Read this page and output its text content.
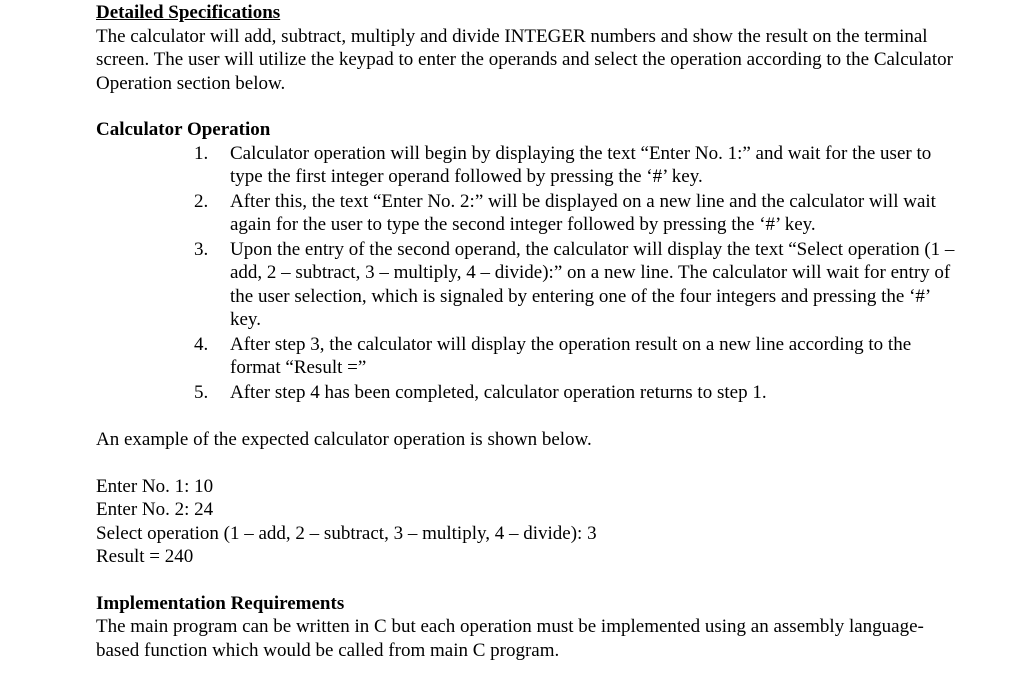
Detailed Specifications

The calculator will add, subtract, multiply and divide INTEGER numbers and show the result on the terminal screen. The user will utilize the keypad to enter the operands and select the operation according to the Calculator Operation section below.

Calculator Operation

1. Calculator operation will begin by displaying the text “Enter No. 1:” and wait for the user to type the first integer operand followed by pressing the ‘#’ key.
2. After this, the text “Enter No. 2:” will be displayed on a new line and the calculator will wait again for the user to type the second integer followed by pressing the ‘#’ key.
3. Upon the entry of the second operand, the calculator will display the text “Select operation (1 – add, 2 – subtract, 3 – multiply, 4 – divide):” on a new line. The calculator will wait for entry of the user selection, which is signaled by entering one of the four integers and pressing the ‘#’ key.
4. After step 3, the calculator will display the operation result on a new line according to the format “Result =”
5. After step 4 has been completed, calculator operation returns to step 1.

An example of the expected calculator operation is shown below.

Enter No. 1: 10

Enter No. 2: 24

Select operation (1 – add, 2 – subtract, 3 – multiply, 4 – divide): 3

Result = 240

Implementation Requirements

The main program can be written in C but each operation must be implemented using an assembly language-based function which would be called from main C program.
